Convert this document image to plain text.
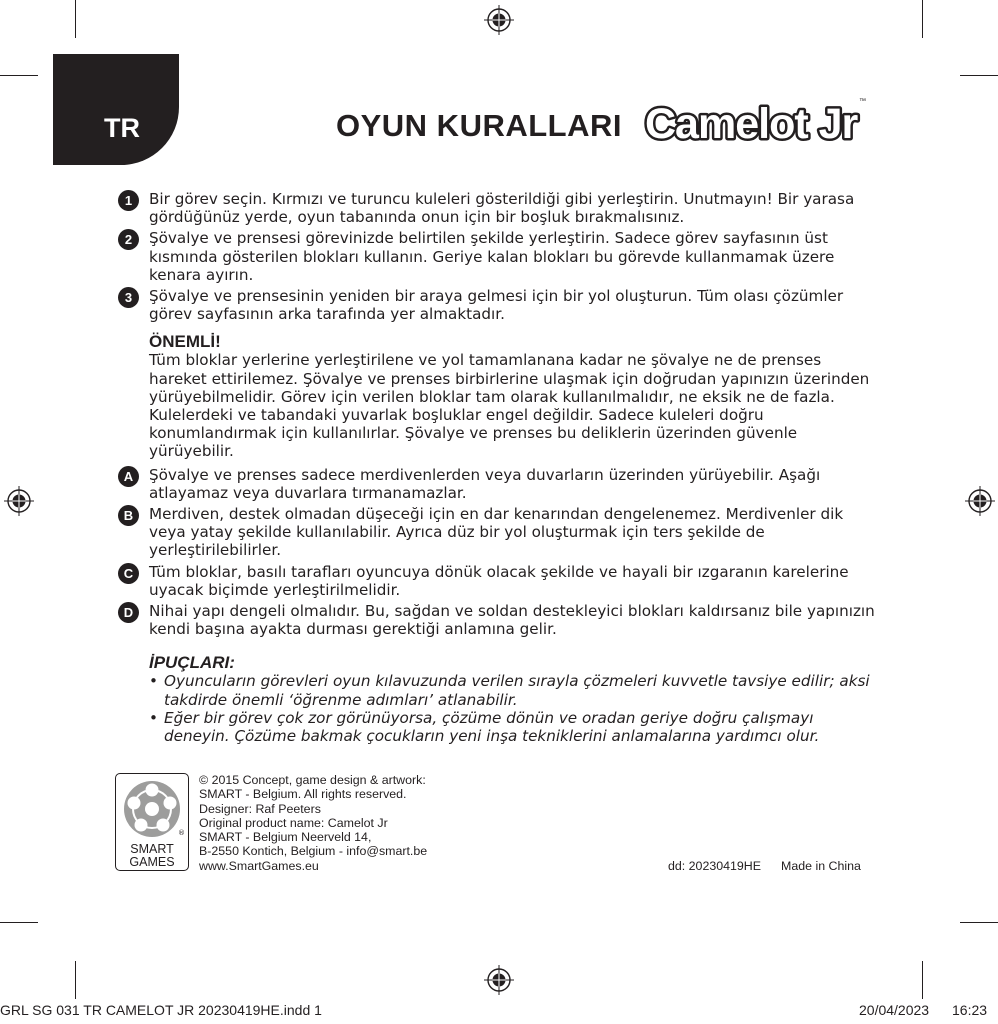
TR	OYUN KURALLARI Camelot Jr ™
1	Bir görev seçin. Kırmızı ve turuncu kuleleri gösterildiği gibi yerleştirin. Unutmayın! Bir yarasa gördüğünüz yerde, oyun tabanında onun için bir boşluk bırakmalısınız.

2	Şövalye ve prensesi görevinizde belirtilen şekilde yerleştirin. Sadece görev sayfasının üst kısmında gösterilen blokları kullanın. Geriye kalan blokları bu görevde kullanmamak üzere kenara ayırın.

3	Şövalye ve prensesinin yeniden bir araya gelmesi için bir yol oluşturun. Tüm olası çözümler görev sayfasının arka tarafında yer almaktadır.

ÖNEMLİ!

Tüm bloklar yerlerine yerleştirilene ve yol tamamlanana kadar ne şövalye ne de prenses hareket ettirilemez. Şövalye ve prenses birbirlerine ulaşmak için doğrudan yapınızın üzerinden yürüyebilmelidir. Görev için verilen bloklar tam olarak kullanılmalıdır, ne eksik ne de fazla. Kulelerdeki ve tabandaki yuvarlak boşluklar engel değildir. Sadece kuleleri doğru konumlandırmak için kullanılırlar. Şövalye ve prenses bu deliklerin üzerinden güvenle yürüyebilir.

A	Şövalye ve prenses sadece merdivenlerden veya duvarların üzerinden yürüyebilir. Aşağı atlayamaz veya duvarlara tırmanamazlar.

B	Merdiven, destek olmadan düşeceği için en dar kenarından dengelenemez. Merdivenler dik veya yatay şekilde kullanılabilir. Ayrıca düz bir yol oluşturmak için ters şekilde de yerleştirilebilirler.

C	Tüm bloklar, basılı tarafları oyuncuya dönük olacak şekilde ve hayali bir ızgaranın karelerine uyacak biçimde yerleştirilmelidir.

D	Nihai yapı dengeli olmalıdır. Bu, sağdan ve soldan destekleyici blokları kaldırsanız bile yapınızın kendi başına ayakta durması gerektiği anlamına gelir.

İPUÇLARI:
• Oyuncuların görevleri oyun kılavuzunda verilen sırayla çözmeleri kuvvetle tavsiye edilir; aksi takdirde önemli ‘öğrenme adımları’ atlanabilir.
• Eğer bir görev çok zor görünüyorsa, çözüme dönün ve oradan geriye doğru çalışmayı deneyin. Çözüme bakmak çocukların yeni inşa tekniklerini anlamalarına yardımcı olur.
®
SMART
GAMES
© 2015 Concept, game design & artwork:
SMART - Belgium. All rights reserved.
Designer: Raf Peeters
Original product name: Camelot Jr
SMART - Belgium Neerveld 14,
B-2550 Kontich, Belgium - info@smart.be
www.SmartGames.eu	dd: 20230419HE Made in China
GRL SG 031 TR CAMELOT JR 20230419HE.indd 1	20/04/2023 16:23
